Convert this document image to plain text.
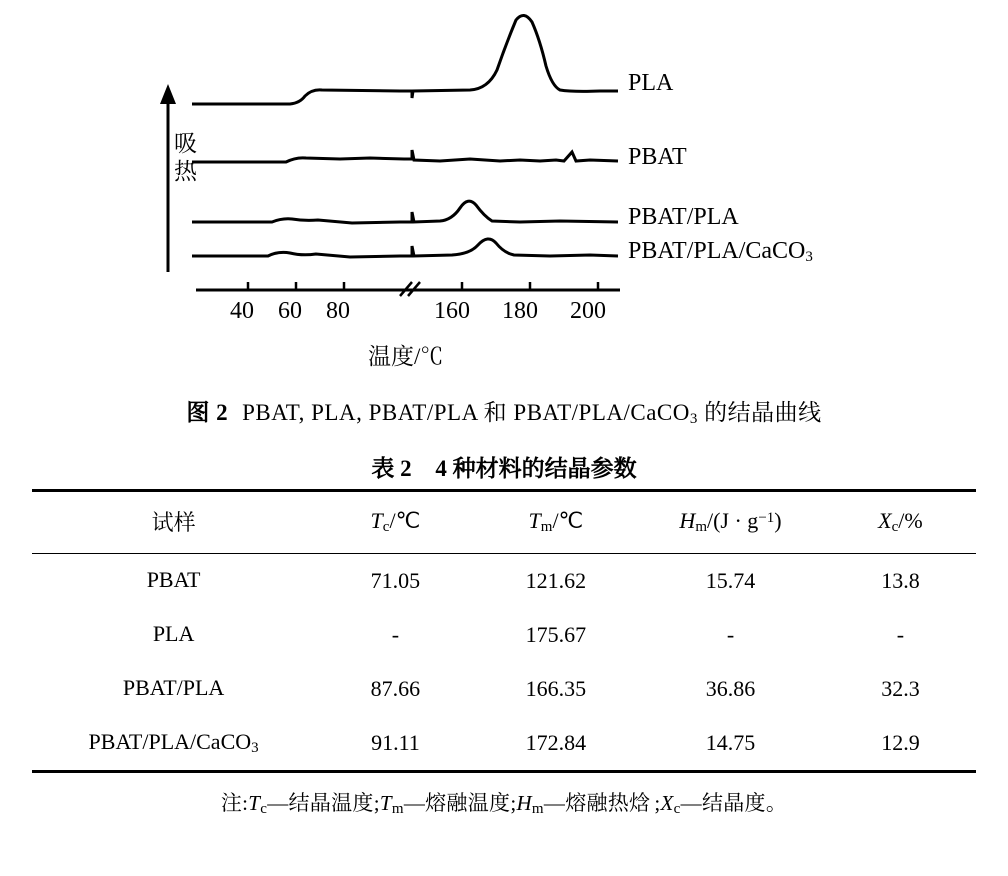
吸
热
PLA
PBAT
PBAT/PLA
PBAT/PLA/CaCO$_3$
40 60 80	160 180 200
温度/℃
图 2 PBAT, PLA, PBAT/PLA 和 PBAT/PLA/CaCO$_3$ 的结晶曲线
表 2 4 种材料的结晶参数
试样	$T_c/℃$	$T_m/℃$	$H_m/(J \cdot g^{-1})$	$X_c/\%$
PBAT	71.05	121.62	15.74	13.8
PLA	-	175.67	-	-
PBAT/PLA	87.66	166.35	36.86	32.3
PBAT/PLA/CaCO$_3$	91.11	172.84	14.75	12.9
注$:T_c—$结晶温度$;T_m—$熔融温度$;H_m—$熔融热焓 $;X_c—$结晶度。
